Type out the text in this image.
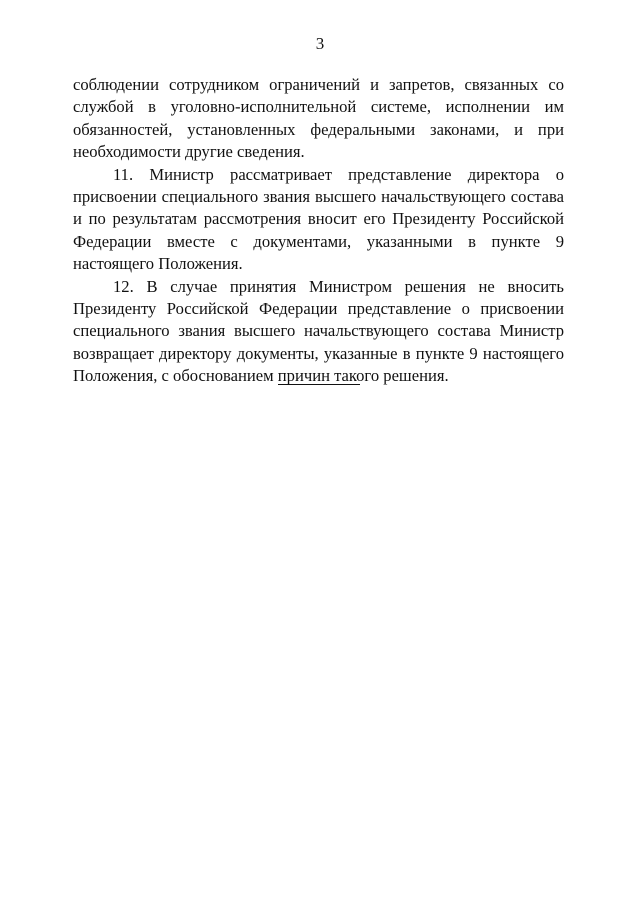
3

соблюдении сотрудником ограничений и запретов, связанных со службой в уголовно-исполнительной системе, исполнении им обязанностей, установленных федеральными законами, и при необходимости другие сведения.

11. Министр рассматривает представление директора о присвоении специального звания высшего начальствующего состава и по результатам рассмотрения вносит его Президенту Российской Федерации вместе с документами, указанными в пункте 9 настоящего Положения.

12. В случае принятия Министром решения не вносить Президенту Российской Федерации представление о присвоении специального звания высшего начальствующего состава Министр возвращает директору документы, указанные в пункте 9 настоящего Положения, с обоснованием причин такого решения.
